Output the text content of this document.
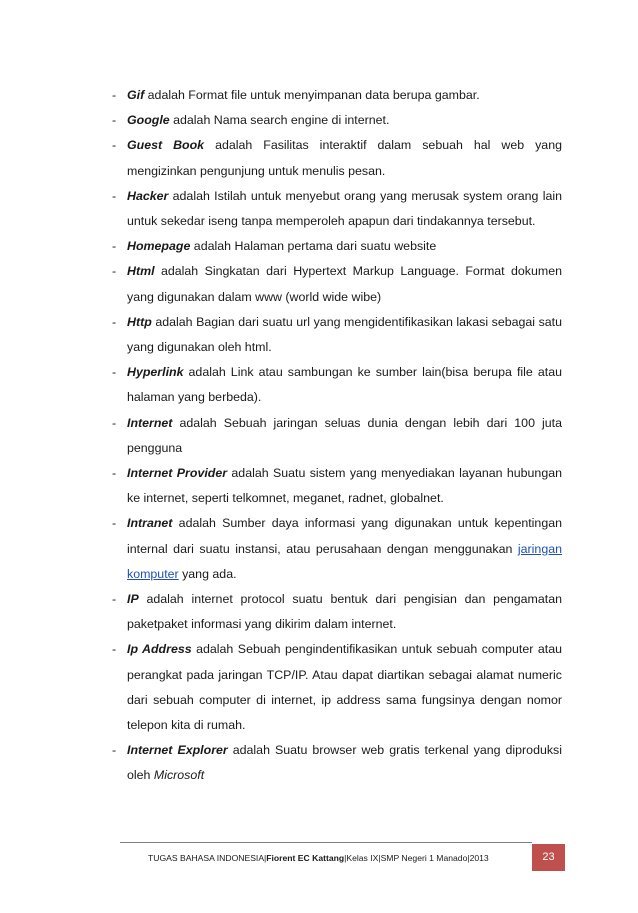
- Gif adalah Format file untuk menyimpanan data berupa gambar.
- Google adalah Nama search engine di internet.
- Guest Book adalah Fasilitas interaktif dalam sebuah hal web yang mengizinkan pengunjung untuk menulis pesan.
- Hacker adalah Istilah untuk menyebut orang yang merusak system orang lain untuk sekedar iseng tanpa memperoleh apapun dari tindakannya tersebut.
- Homepage adalah Halaman pertama dari suatu website
- Html adalah Singkatan dari Hypertext Markup Language. Format dokumen yang digunakan dalam www (world wide wibe)
- Http adalah Bagian dari suatu url yang mengidentifikasikan lakasi sebagai satu yang digunakan oleh html.
- Hyperlink adalah Link atau sambungan ke sumber lain(bisa berupa file atau halaman yang berbeda).
- Internet adalah Sebuah jaringan seluas dunia dengan lebih dari 100 juta pengguna
- Internet Provider adalah Suatu sistem yang menyediakan layanan hubungan ke internet, seperti telkomnet, meganet, radnet, globalnet.
- Intranet adalah Sumber daya informasi yang digunakan untuk kepentingan internal dari suatu instansi, atau perusahaan dengan menggunakan jaringan komputer yang ada.
- IP adalah internet protocol suatu bentuk dari pengisian dan pengamatan paketpaket informasi yang dikirim dalam internet.
- Ip Address adalah Sebuah pengindentifikasikan untuk sebuah computer atau perangkat pada jaringan TCP/IP. Atau dapat diartikan sebagai alamat numeric dari sebuah computer di internet, ip address sama fungsinya dengan nomor telepon kita di rumah.
- Internet Explorer adalah Suatu browser web gratis terkenal yang diproduksi oleh Microsoft
TUGAS BAHASA INDONESIA|Fiorent EC Kattang|Kelas IX|SMP Negeri 1 Manado|2013	23
